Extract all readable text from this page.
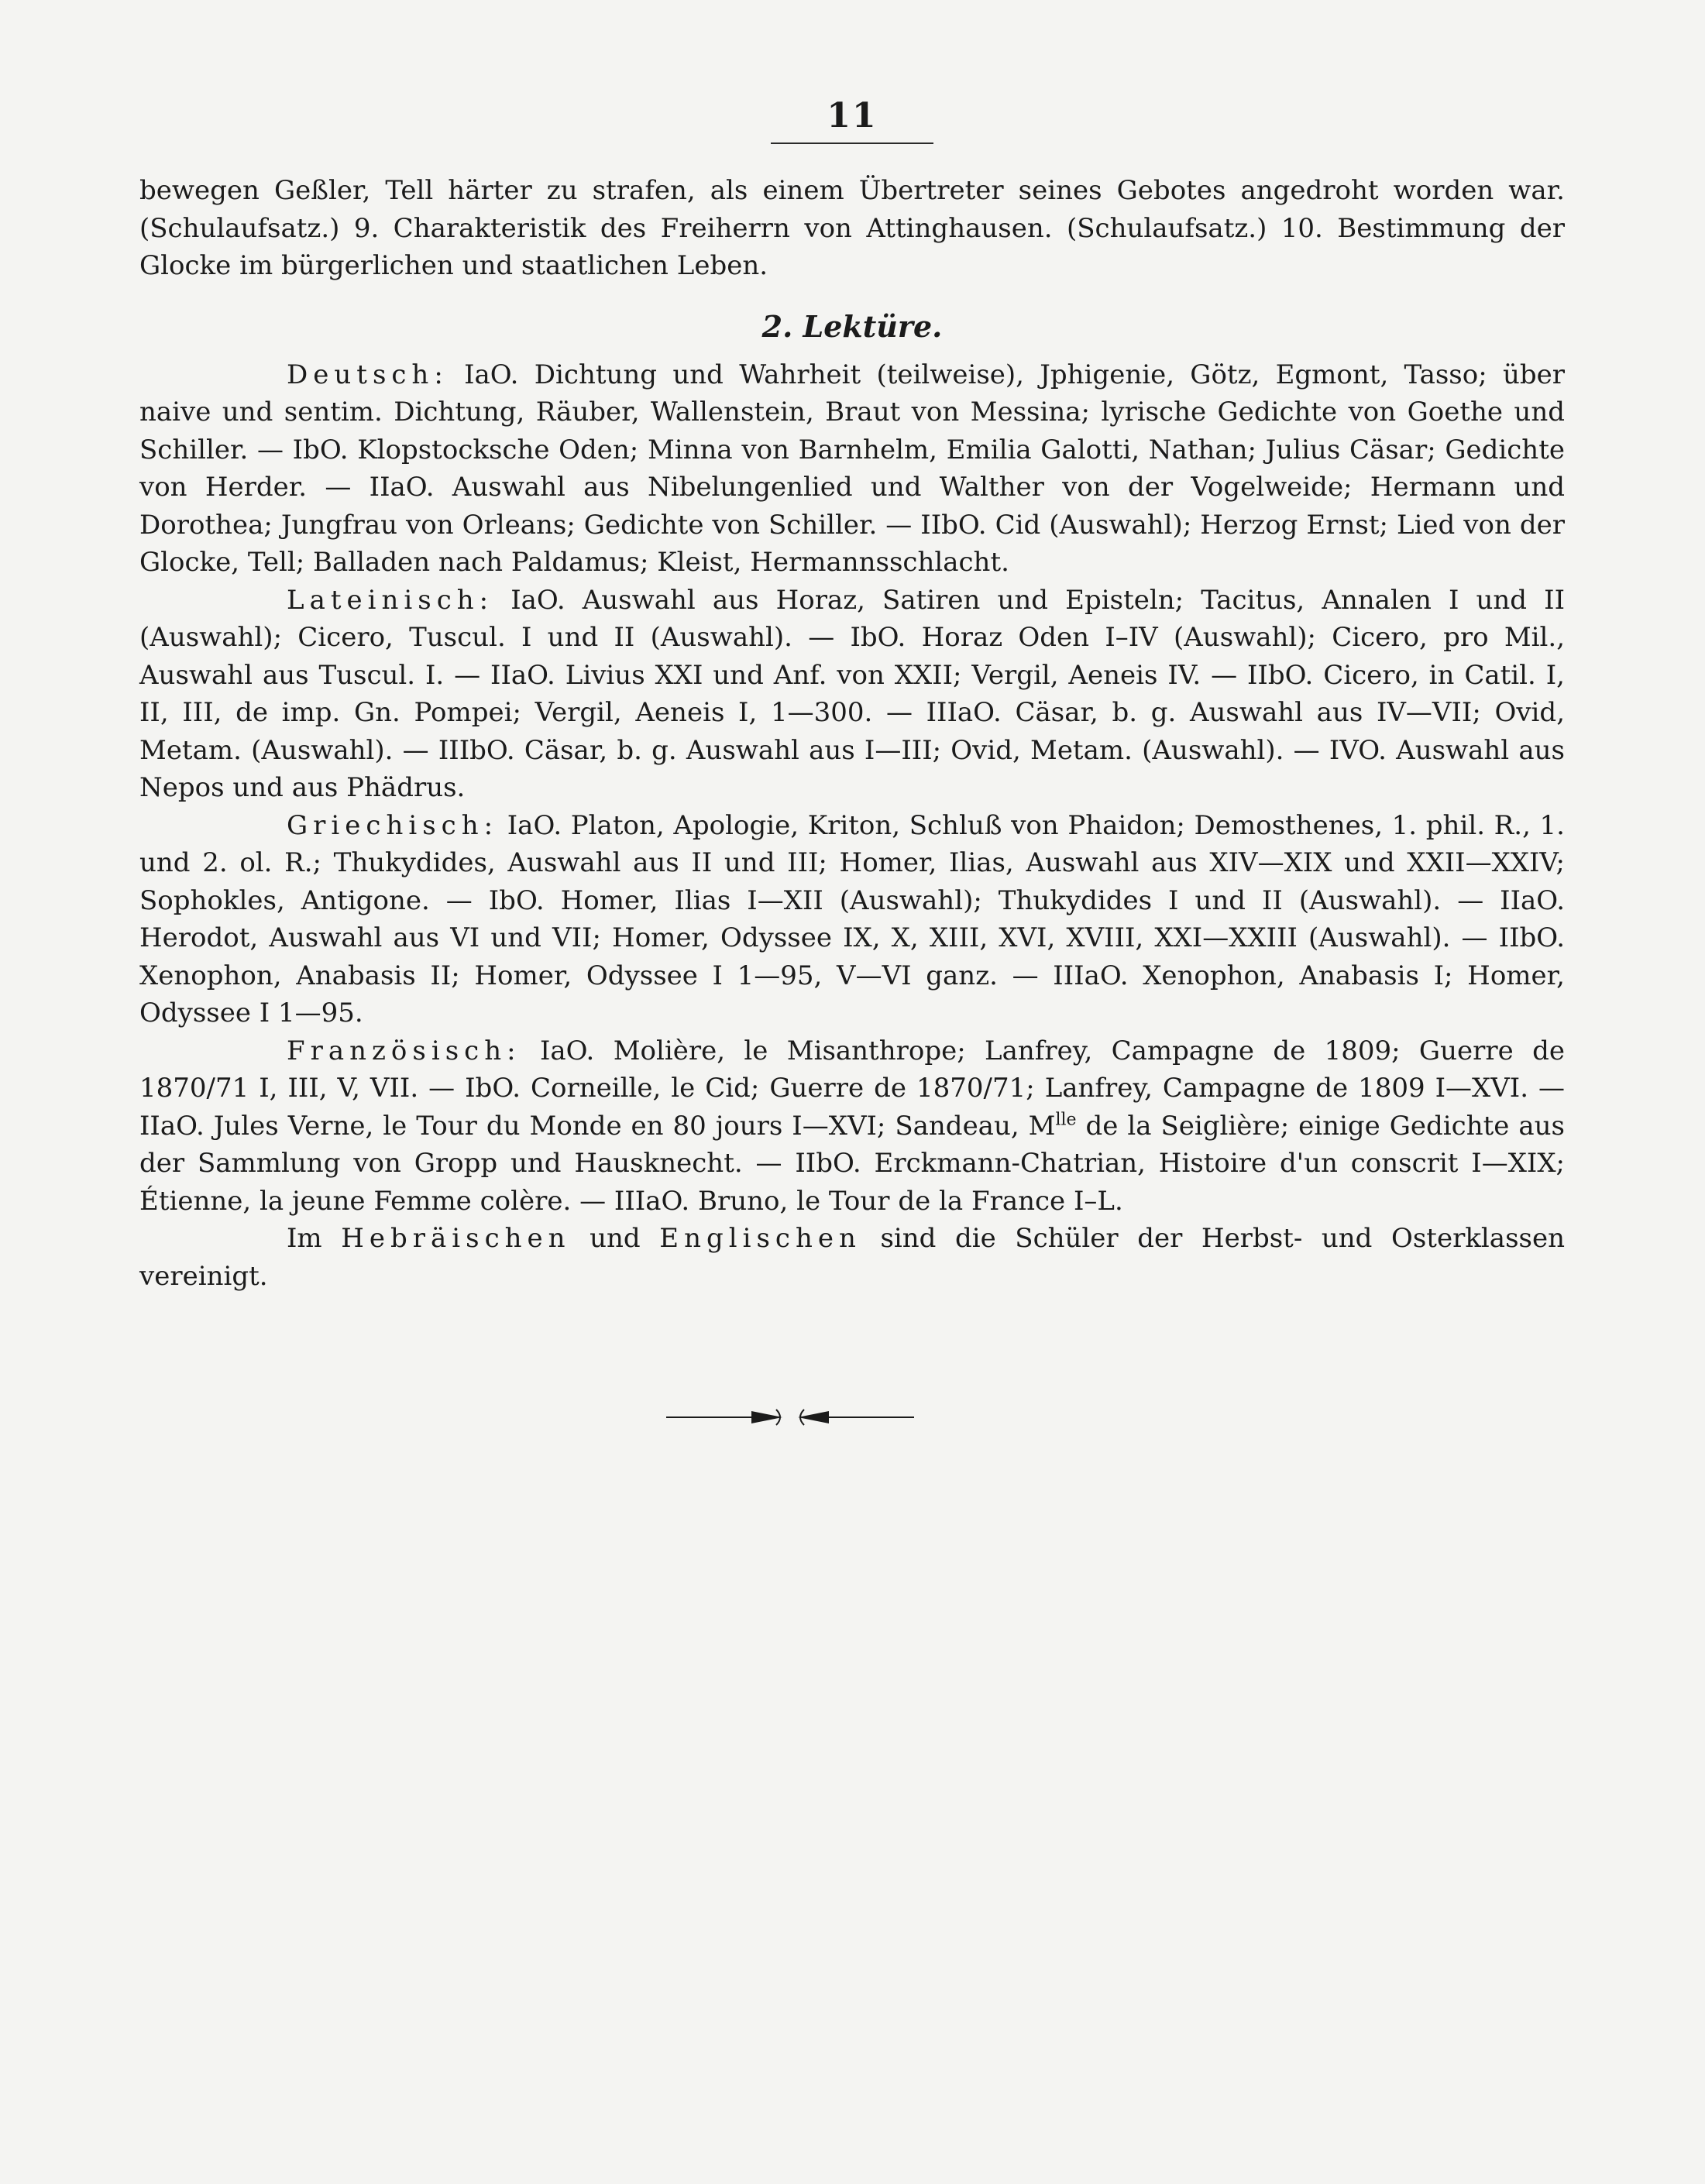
11

bewegen Geßler, Tell härter zu strafen, als einem Übertreter seines Gebotes angedroht worden war. (Schulaufsatz.) 9. Charakteristik des Freiherrn von Attinghausen. (Schulaufsatz.) 10. Bestimmung der Glocke im bürgerlichen und staatlichen Leben.

2. Lektüre.

Deutsch: IaO. Dichtung und Wahrheit (teilweise), Jphigenie, Götz, Egmont, Tasso; über naive und sentim. Dichtung, Räuber, Wallenstein, Braut von Messina; lyrische Gedichte von Goethe und Schiller. — IbO. Klopstocksche Oden; Minna von Barnhelm, Emilia Galotti, Nathan; Julius Cäsar; Gedichte von Herder. — IIaO. Auswahl aus Nibelungenlied und Walther von der Vogelweide; Hermann und Dorothea; Jungfrau von Orleans; Gedichte von Schiller. — IIbO. Cid (Auswahl); Herzog Ernst; Lied von der Glocke, Tell; Balladen nach Paldamus; Kleist, Hermannsschlacht.

Lateinisch: IaO. Auswahl aus Horaz, Satiren und Episteln; Tacitus, Annalen I und II (Auswahl); Cicero, Tuscul. I und II (Auswahl). — IbO. Horaz Oden I–IV (Auswahl); Cicero, pro Mil., Auswahl aus Tuscul. I. — IIaO. Livius XXI und Anf. von XXII; Vergil, Aeneis IV. — IIbO. Cicero, in Catil. I, II, III, de imp. Gn. Pompei; Vergil, Aeneis I, 1—300. — IIIaO. Cäsar, b. g. Auswahl aus IV—VII; Ovid, Metam. (Auswahl). — IIIbO. Cäsar, b. g. Auswahl aus I—III; Ovid, Metam. (Auswahl). — IVO. Auswahl aus Nepos und aus Phädrus.

Griechisch: IaO. Platon, Apologie, Kriton, Schluß von Phaidon; Demosthenes, 1. phil. R., 1. und 2. ol. R.; Thukydides, Auswahl aus II und III; Homer, Ilias, Auswahl aus XIV—XIX und XXII—XXIV; Sophokles, Antigone. — IbO. Homer, Ilias I—XII (Auswahl); Thukydides I und II (Auswahl). — IIaO. Herodot, Auswahl aus VI und VII; Homer, Odyssee IX, X, XIII, XVI, XVIII, XXI—XXIII (Auswahl). — IIbO. Xenophon, Anabasis II; Homer, Odyssee I 1—95, V—VI ganz. — IIIaO. Xenophon, Anabasis I; Homer, Odyssee I 1—95.

Französisch: IaO. Molière, le Misanthrope; Lanfrey, Campagne de 1809; Guerre de 1870/71 I, III, V, VII. — IbO. Corneille, le Cid; Guerre de 1870/71; Lanfrey, Campagne de 1809 I—XVI. — IIaO. Jules Verne, le Tour du Monde en 80 jours I—XVI; Sandeau, $M^{lle}$ de la Seiglière; einige Gedichte aus der Sammlung von Gropp und Hausknecht. — IIbO. Erckmann-Chatrian, Histoire d'un conscrit I—XIX; Étienne, la jeune Femme colère. — IIIaO. Bruno, le Tour de la France I–L.

Im Hebräischen und Englischen sind die Schüler der Herbst- und Osterklassen vereinigt.
